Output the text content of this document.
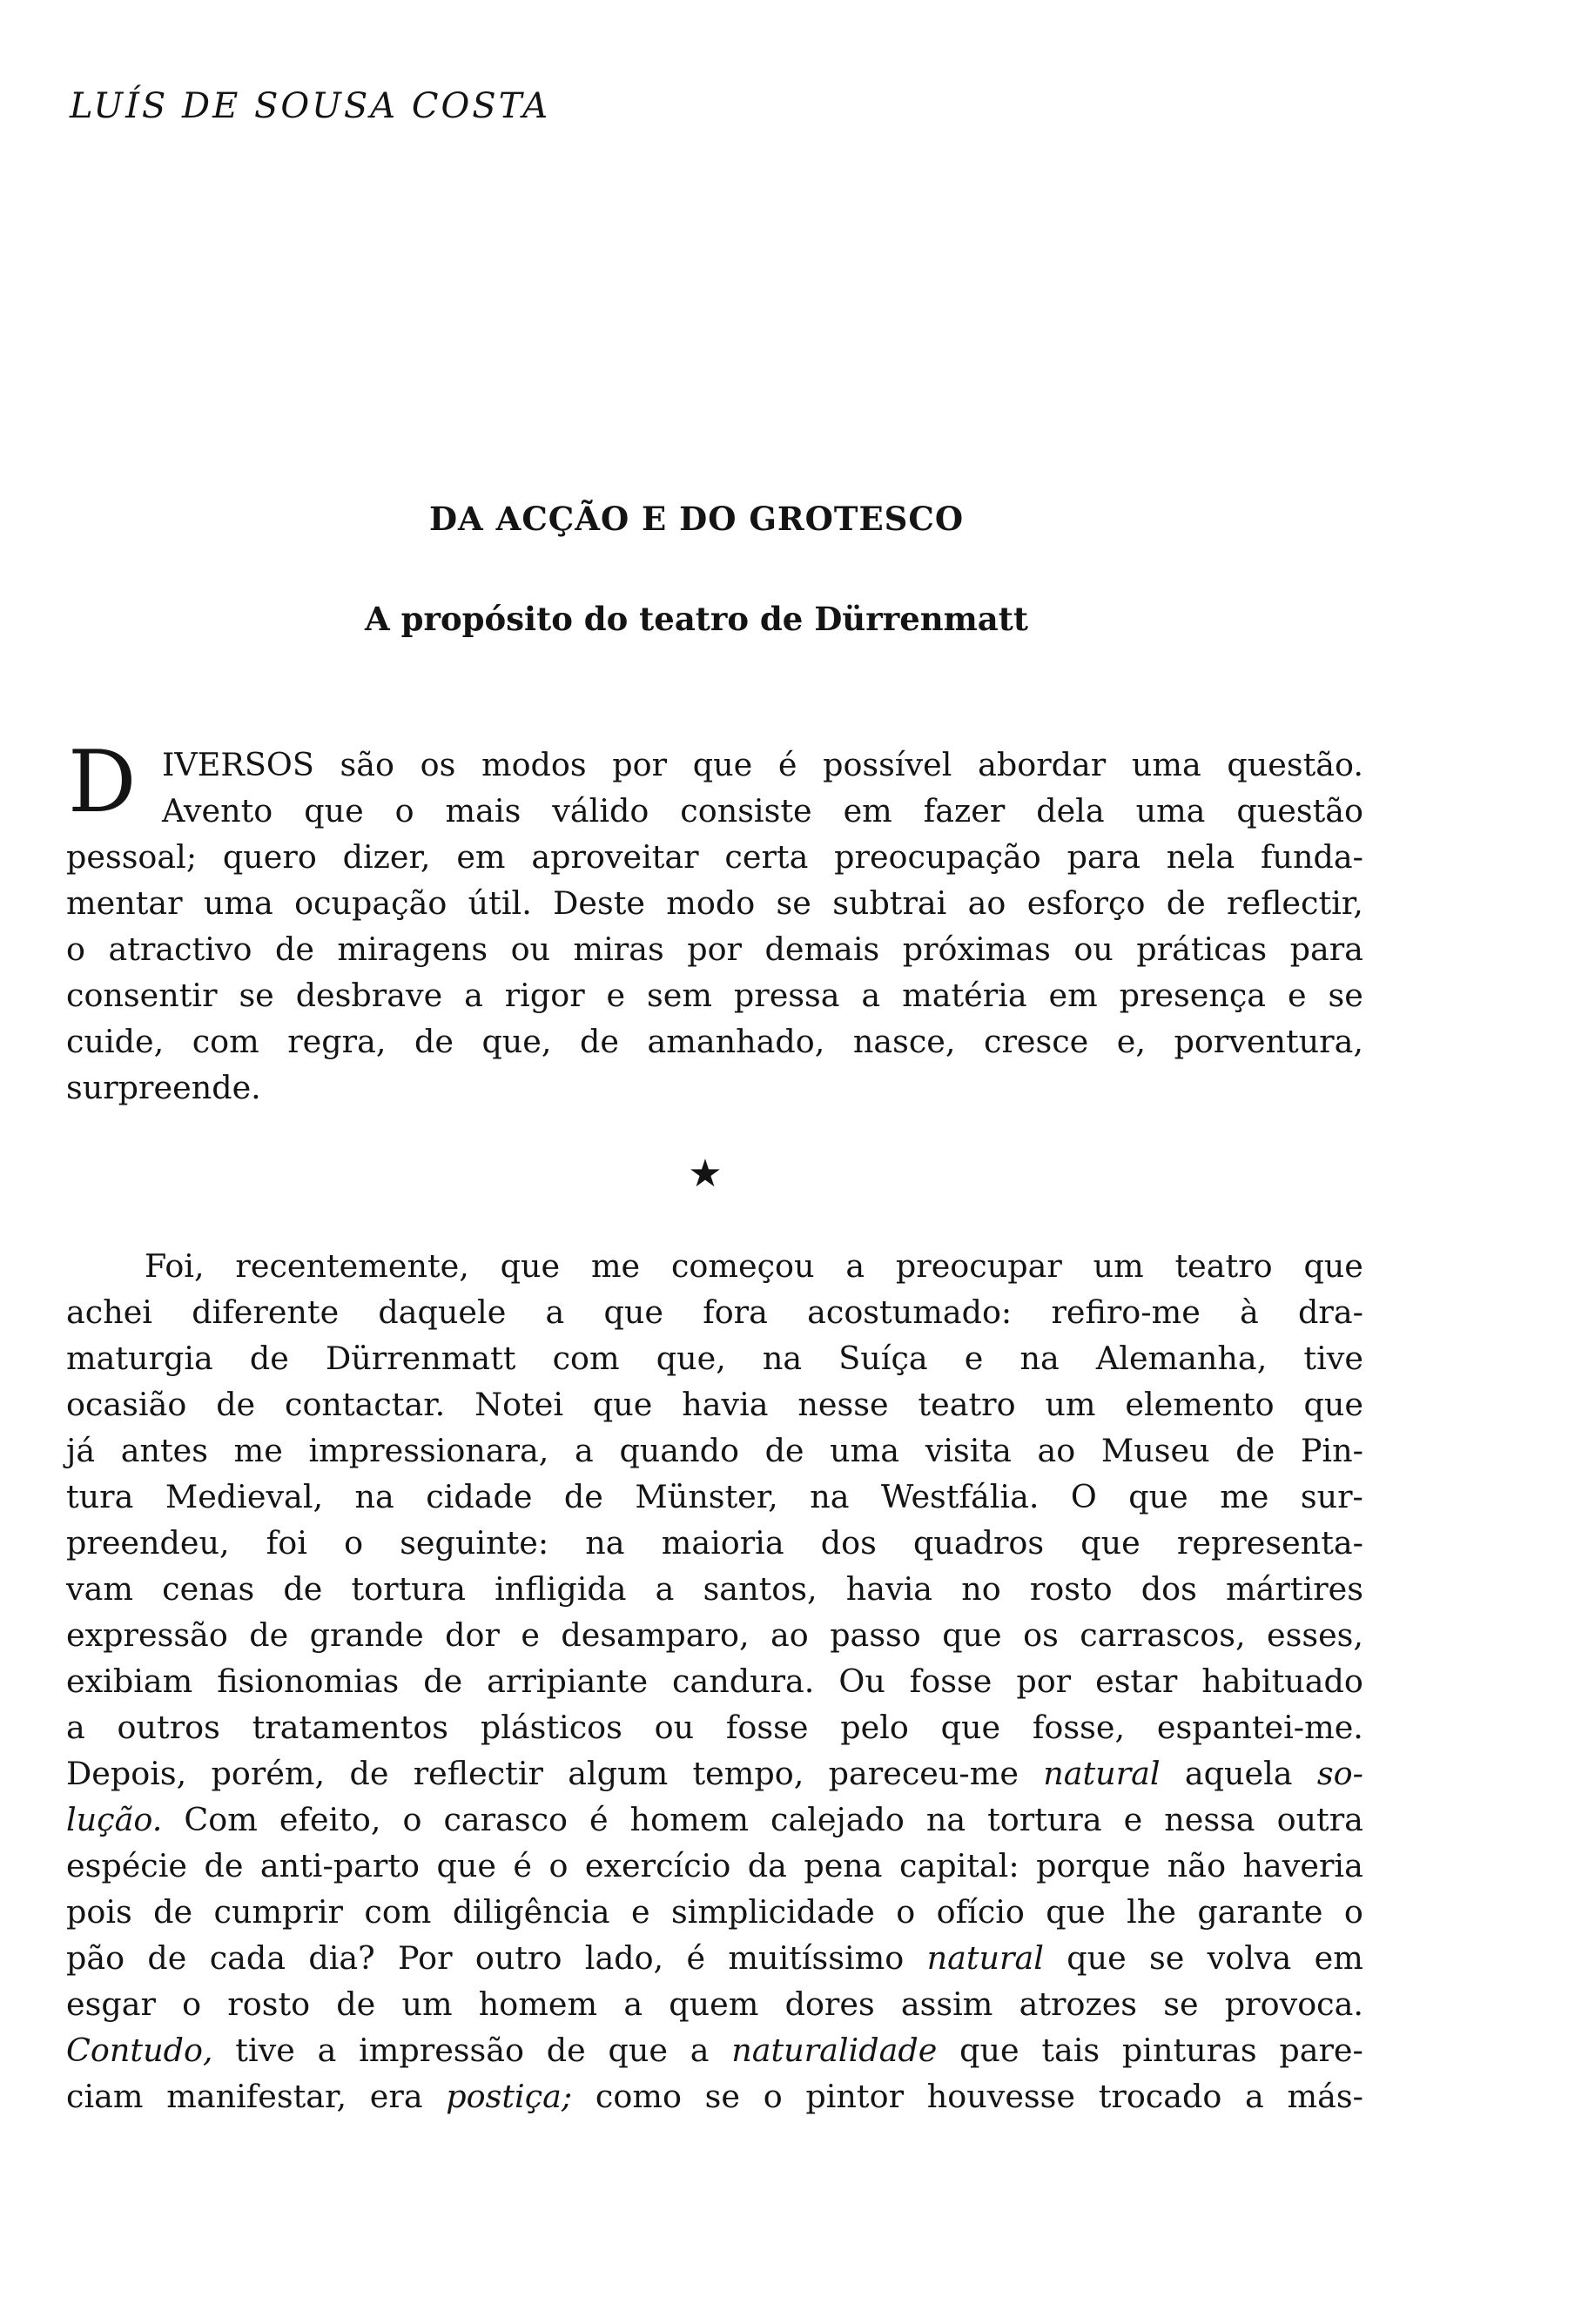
LUÍS DE SOUSA COSTA
DA ACÇÃO E DO GROTESCO
A propósito do teatro de Dürrenmatt
D IVERSOS são os modos por que é possível abordar uma questão.
Avento que o mais válido consiste em fazer dela uma questão
pessoal; quero dizer, em aproveitar certa preocupação para nela funda-
mentar uma ocupação útil. Deste modo se subtrai ao esforço de reflectir,
o atractivo de miragens ou miras por demais próximas ou práticas para
consentir se desbrave a rigor e sem pressa a matéria em presença e se
cuide, com regra, de que, de amanhado, nasce, cresce e, porventura,
surpreende.
★
Foi, recentemente, que me começou a preocupar um teatro que
achei diferente daquele a que fora acostumado: refiro-me à dra-
maturgia de Dürrenmatt com que, na Suíça e na Alemanha, tive
ocasião de contactar. Notei que havia nesse teatro um elemento que
já antes me impressionara, a quando de uma visita ao Museu de Pin-
tura Medieval, na cidade de Münster, na Westfália. O que me sur-
preendeu, foi o seguinte: na maioria dos quadros que representa-
vam cenas de tortura infligida a santos, havia no rosto dos mártires
expressão de grande dor e desamparo, ao passo que os carrascos, esses,
exibiam fisionomias de arripiante candura. Ou fosse por estar habituado
a outros tratamentos plásticos ou fosse pelo que fosse, espantei-me.
Depois, porém, de reflectir algum tempo, pareceu-me natural aquela so-
lução. Com efeito, o carasco é homem calejado na tortura e nessa outra
espécie de anti-parto que é o exercício da pena capital: porque não haveria
pois de cumprir com diligência e simplicidade o ofício que lhe garante o
pão de cada dia? Por outro lado, é muitíssimo natural que se volva em
esgar o rosto de um homem a quem dores assim atrozes se provoca.
Contudo, tive a impressão de que a naturalidade que tais pinturas pare-
ciam manifestar, era postiça; como se o pintor houvesse trocado a más-
